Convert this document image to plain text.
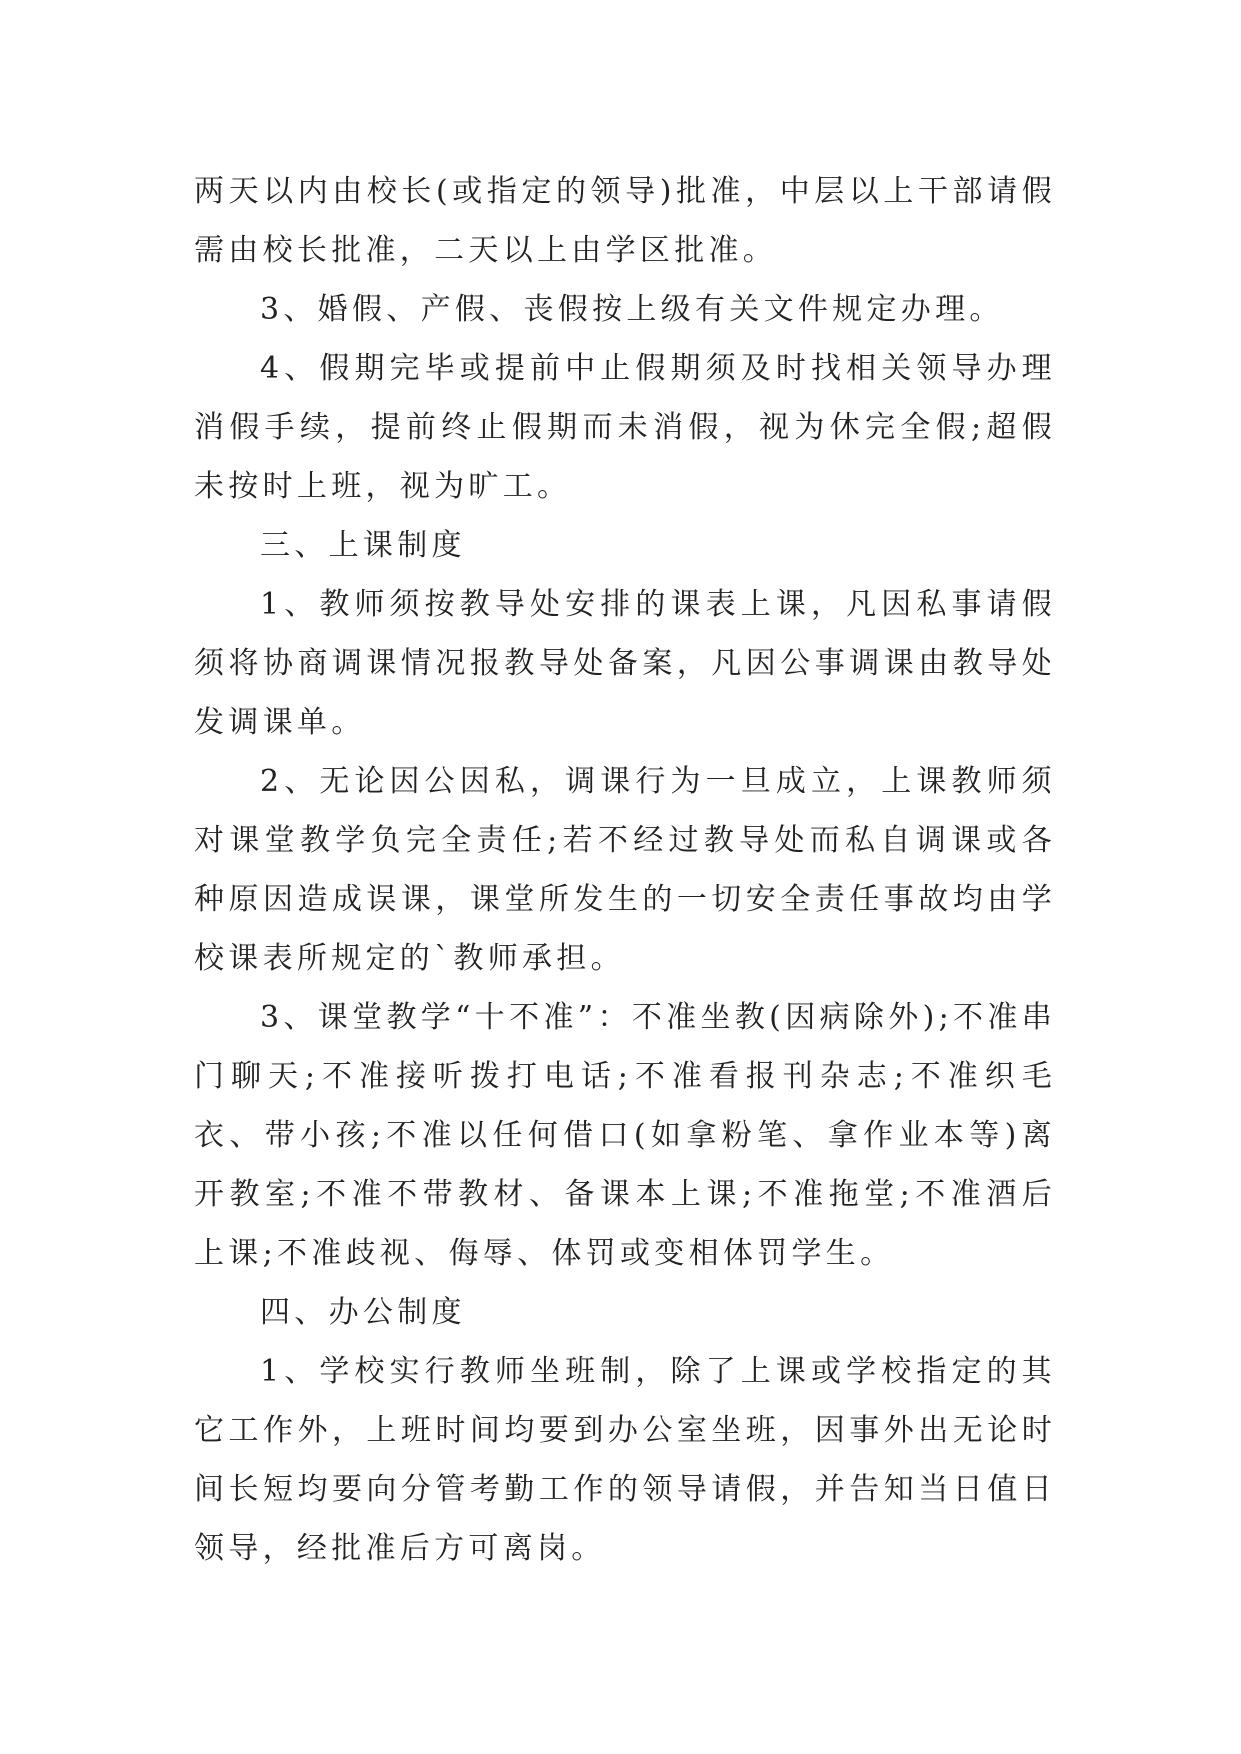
两天以内由校长(或指定的领导)批准，中层以上干部请假需由校长批准，二天以上由学区批准。

3、婚假、产假、丧假按上级有关文件规定办理。

4、假期完毕或提前中止假期须及时找相关领导办理消假手续，提前终止假期而未消假，视为休完全假;超假未按时上班，视为旷工。

三、上课制度

1、教师须按教导处安排的课表上课，凡因私事请假须将协商调课情况报教导处备案，凡因公事调课由教导处发调课单。

2、无论因公因私，调课行为一旦成立，上课教师须对课堂教学负完全责任;若不经过教导处而私自调课或各种原因造成误课，课堂所发生的一切安全责任事故均由学校课表所规定的`教师承担。

3、课堂教学“十不准”：不准坐教(因病除外);不准串门聊天;不准接听拨打电话;不准看报刊杂志;不准织毛衣、带小孩;不准以任何借口(如拿粉笔、拿作业本等)离开教室;不准不带教材、备课本上课;不准拖堂;不准酒后上课;不准歧视、侮辱、体罚或变相体罚学生。

四、办公制度

1、学校实行教师坐班制，除了上课或学校指定的其它工作外，上班时间均要到办公室坐班，因事外出无论时间长短均要向分管考勤工作的领导请假，并告知当日值日领导，经批准后方可离岗。
